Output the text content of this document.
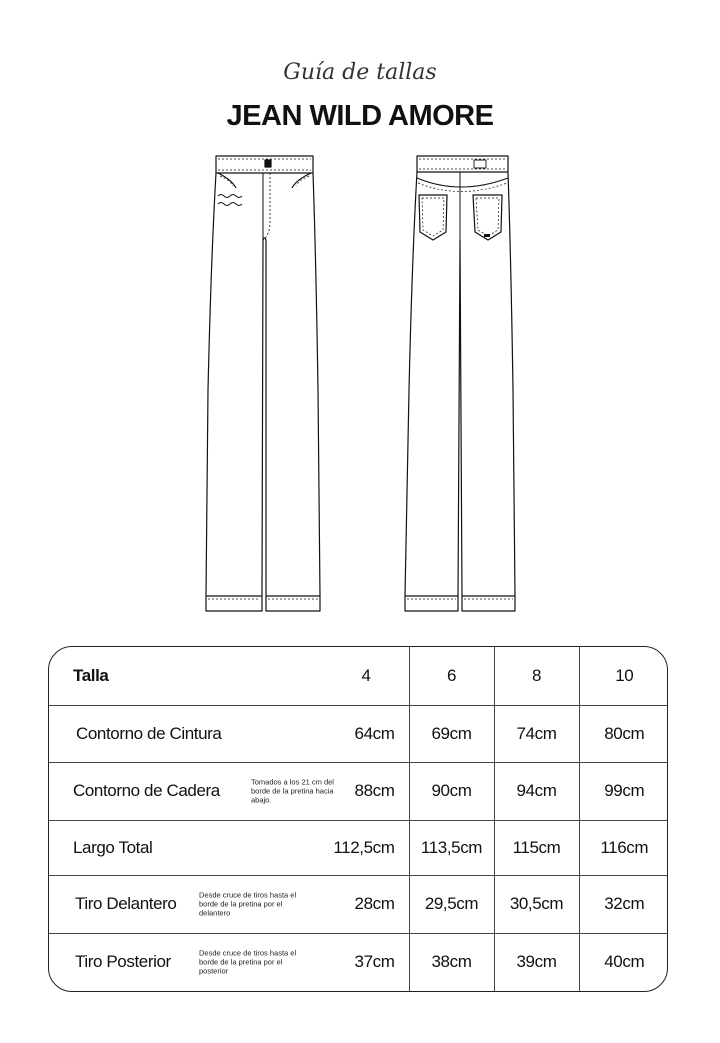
Guía de tallas
JEAN WILD AMORE
Talla 4	6	8	10

Contorno de Cintura 64cm	69cm	74cm	80cm

Contorno de Cadera Tomados a los 21 cm del borde de la pretina hacia abajo. 88cm	90cm	94cm	99cm

Largo Total 112,5cm	113,5cm	115cm	116cm

Tiro Delantero Desde cruce de tiros hasta el borde de la pretina por el delantero 28cm	29,5cm	30,5cm	32cm

Tiro Posterior Desde cruce de tiros hasta el borde de la pretina por el posterior 37cm	38cm	39cm	40cm
